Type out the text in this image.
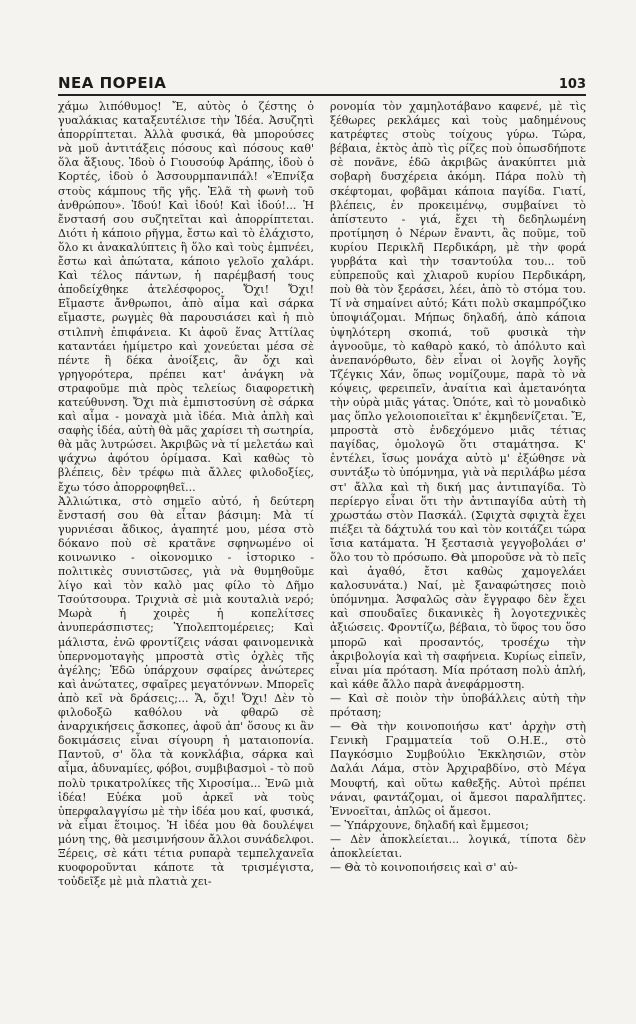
ΝΕΑ ΠΟΡΕΙΑ	103

χάμω λιπόθυμος! Ἔ, αὐτὸς ὁ ζέστης ὁ γυαλάκιας καταξευτέλισε τὴν Ἰδέα. Ἀσυζητὶ ἀπορρίπτεται. Ἀλλὰ φυσικά, θὰ μπορούσες νὰ μοῦ ἀντιτάξεις πόσους καὶ πόσους καθ' ὅλα ἄξιους. Ἰδοὺ ὁ Γιουσούφ Ἀράπης, ἰδοὺ ὁ Κορτές, ἰδοὺ ὁ Ἀσσουρμπανιπάλ! «Ἐπνίξα στοὺς κάμπους τῆς γῆς. Ἐλᾶ τὴ φωνὴ τοῦ ἀνθρώπου». Ἰδού! Καὶ ἰδού! Καὶ ἰδού!... Ἡ ἔνστασή σου συζητεῖται καὶ ἀπορρίπτεται. Διότι ἡ κάποιο ρῆγμα, ἔστω καὶ τὸ ἐλάχιστο, ὅλο κι ἀνακαλύπτεις ἢ ὅλο καὶ τοὺς ἐμπνέει, ἔστω καὶ ἀπώτατα, κάποιο γελοῖο χαλάρι. Καὶ τέλος πάντων, ἡ παρέμβασή τους ἀποδείχθηκε ἀτελέσφορος. Ὄχι! Ὄχι! Εἴμαστε ἄνθρωποι, ἀπὸ αἷμα καὶ σάρκα εἴμαστε, ρωγμὲς θὰ παρουσιάσει καὶ ἡ πιὸ στιλπνὴ ἐπιφάνεια. Κι ἀφοῦ ἕνας Ἀττίλας καταντάει ἡμίμετρο καὶ χονεύεται μέσα σὲ πέντε ἢ δέκα ἀνοίξεις, ἂν ὄχι καὶ γρηγορότερα, πρέπει κατ' ἀνάγκη νὰ στραφοῦμε πιὰ πρὸς τελείως διαφορετικὴ κατεύθυνση. Ὄχι πιὰ ἐμπιστοσύνη σὲ σάρκα καὶ αἷμα - μοναχὰ μιὰ ἰδέα. Μιὰ ἁπλὴ καὶ σαφὴς ἰδέα, αὐτὴ θὰ μᾶς χαρίσει τὴ σωτηρία, θὰ μᾶς λυτρώσει. Ἀκριβῶς νὰ τί μελετάω καὶ ψάχνω ἀφότου ὁρίμασα. Καὶ καθὼς τὸ βλέπεις, δὲν τρέφω πιὰ ἄλλες φιλοδοξίες, ἔχω τόσο ἀπορροφηθεῖ...

Ἀλλιώτικα, στὸ σημεῖο αὐτό, ἡ δεύτερη ἔνστασή σου θὰ εἶταν βάσιμη: Μὰ τί γυρνιέσαι ἄδικος, ἀγαπητέ μου, μέσα στὸ δόκανο ποὺ σὲ κρατᾶνε σφηνωμένο οἱ κοινωνικο - οἰκονομικο - ἱστορικο - πολιτικὲς συνιστῶσες, γιὰ νὰ θυμηθοῦμε λίγο καὶ τὸν καλὸ μας φίλο τὸ Δῆμο Τσούτσουρα. Τριχνιὰ σὲ μιὰ κουταλιὰ νερό; Μωρὰ ἡ χοιρὲς ἡ κοπελίτσες ἀνυπεράσπιστες; Ὑπολεπτομέρειες; Καὶ μάλιστα, ἐνῶ φροντίζεις νάσαι φαινομενικὰ ὑπερνομοταγὴς μπροστὰ στὶς ὀχλὲς τῆς ἀγέλης; Ἐδῶ ὑπάρχουν σφαίρες ἀνώτερες καὶ ἀνώτατες, σφαῖρες μεγατόννων. Μπορεῖς ἀπὸ κεῖ νὰ δράσεις;... Ἄ, ὄχι! Ὄχι! Δὲν τὸ φιλοδοξῶ καθόλου νὰ φθαρῶ σὲ ἀναρχικήσεις ἄσκοπες, ἀφοῦ ἀπ' ὅσους κι ἂν δοκιμάσεις εἶναι σίγουρη ἡ ματαιοπονία. Παντοῦ, σ' ὅλα τὰ κονκλάβια, σάρκα καὶ αἷμα, ἀδυναμίες, φόβοι, συμβιβασμοὶ - τὸ ποῦ πολὺ τρικατρολίκες τῆς Χιροσίμα... Ἐνῶ μιὰ ἰδέα! Εὐέκα μοῦ ἀρκεῖ νὰ τοὺς ὑπερφαλαγγίσω μὲ τὴν ἰδέα μου καί, φυσικά, νὰ εἶμαι ἕτοιμος. Ἡ ἰδέα μου θὰ δουλέψει μόνη της, θὰ μεσιμνήσουν ἄλλοι συνάδελφοι. Ξέρεις, σὲ κάτι τέτια ρυπαρὰ τεμπελχανεῖα κυοφοροῦνται κάποτε τὰ τρισμέγιστα, τοὐδεῖξε μὲ μιὰ πλατιὰ χει-

ρονομία τὸν χαμηλοτάβανο καφενέ, μὲ τὶς ξέθωρες ρεκλάμες καὶ τοὺς μαδημένους κατρέφτες στοὺς τοίχους γύρω. Τώρα, βέβαια, ἐκτὸς ἀπὸ τὶς ρίζες ποὺ ὁπωσδήποτε σὲ πονᾶνε, ἐδῶ ἀκριβῶς ἀνακύπτει μιὰ σοβαρὴ δυσχέρεια ἀκόμη. Πάρα πολὺ τὴ σκέφτομαι, φοβᾶμαι κάποια παγίδα. Γιατί, βλέπεις, ἐν προκειμένῳ, συμβαίνει τὸ ἀπίστευτο - γιά, ἔχει τὴ δεδηλωμένη προτίμηση ὁ Νέρων ἔναντι, ἂς ποῦμε, τοῦ κυρίου Περικλῆ Περδικάρη, μὲ τὴν φορά γυρβάτα καὶ τὴν τσαντούλα του... τοῦ εὐπρεποῦς καὶ χλιαροῦ κυρίου Περδικάρη, ποὺ θὰ τὸν ξεράσει, λέει, ἀπὸ τὸ στόμα του. Τί νὰ σημαίνει αὐτό; Κάτι πολὺ σκαμπρόζικο ὑποψιάζομαι. Μήπως δηλαδή, ἀπὸ κάποια ὑψηλότερη σκοπιά, τοῦ φυσικὰ τὴν ἀγνοοῦμε, τὸ καθαρὸ κακό, τὸ ἀπόλυτο καὶ ἀνεπανόρθωτο, δὲν εἶναι οἱ λογῆς λογῆς Τζέγκις Χάν, ὅπως νομίζουμε, παρὰ τὸ νὰ κόψεις, φερειπεῖν, ἀναίτια καὶ ἀμετανόητα τὴν οὐρὰ μιᾶς γάτας. Ὁπότε, καὶ τὸ μοναδικὸ μας ὅπλο γελοιοποιεῖται κ' ἐκμηδενίζεται. Ἔ, μπροστὰ στὸ ἐνδεχόμενο μιᾶς τέτιας παγίδας, ὁμολογῶ ὅτι σταμάτησα. Κ' ἐντέλει, ἴσως μονάχα αὐτὸ μ' ἐξώθησε νὰ συντάξω τὸ ὑπόμνημα, γιὰ νὰ περιλάβω μέσα στ' ἄλλα καὶ τὴ δική μας ἀντιπαγίδα. Τὸ περίεργο εἶναι ὅτι τὴν ἀντιπαγίδα αὐτὴ τὴ χρωστάω στὸν Πασκάλ. (Σφιχτὰ σφιχτὰ ἔχει πιέξει τὰ δάχτυλά του καὶ τὸν κοιτάζει τώρα ἴσια κατάματα. Ἡ ξεστασιὰ γεγγοβολάει σ' ὅλο του τὸ πρόσωπο. Θὰ μποροῦσε νὰ τὸ πεῖς καὶ ἀγαθό, ἔτσι καθὼς χαμογελάει καλοσυνάτα.) Ναί, μὲ ξαναφώτησες ποιὸ ὑπόμνημα. Ἀσφαλῶς σὰν ἔγγραφο δὲν ἔχει καὶ σπουδαῖες δικανικὲς ἢ λογοτεχνικὲς ἀξιώσεις. Φροντίζω, βέβαια, τὸ ὕφος του ὅσο μπορῶ καὶ προσαντός, τροσέχω τὴν ἀκριβολογία καὶ τὴ σαφήνεια. Κυρίως εἰπεῖν, εἶναι μία πρόταση. Μία πρόταση πολὺ ἁπλή, καὶ κάθε ἄλλο παρὰ ἀνεφάρμοστη.

— Καὶ σὲ ποιὸν τὴν ὑποβάλλεις αὐτὴ τὴν πρόταση;

— Θὰ τὴν κοινοποιήσω κατ' ἀρχὴν στὴ Γενικὴ Γραμματεία τοῦ Ο.Η.Ε., στὸ Παγκόσμιο Συμβούλιο Ἐκκλησιῶν, στὸν Δαλάι Λάμα, στὸν Ἀρχιραβδίνο, στὸ Μέγα Μουφτή, καὶ οὕτω καθεξῆς. Αὐτοὶ πρέπει νάναι, φαντάζομαι, οἱ ἄμεσοι παραλῆπτες. Ἐννοεῖται, ἀπλῶς οἱ ἄμεσοι.

— Ὑπάρχουνε, δηλαδή καὶ ἔμμεσοι;

— Δὲν ἀποκλείεται... λογικά, τίποτα δὲν ἀποκλείεται.

— Θὰ τὸ κοινοποιήσεις καὶ σ' αὐ-
